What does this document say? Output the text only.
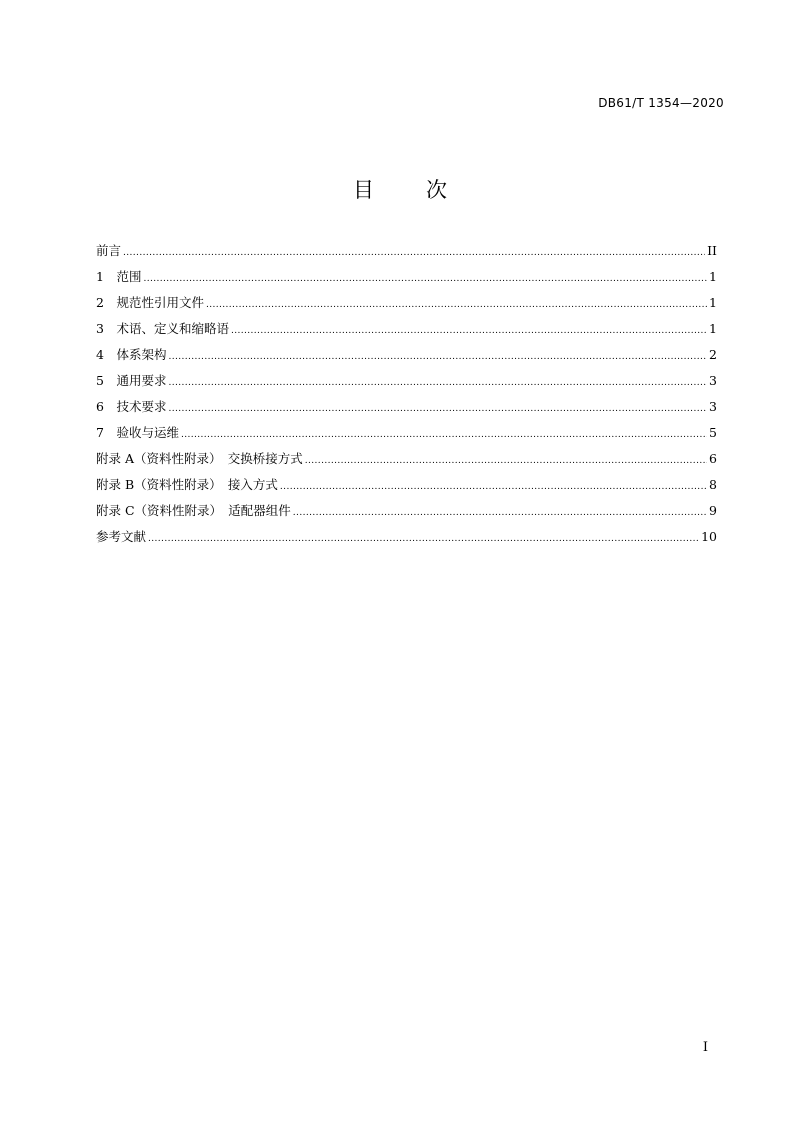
DB61/T 1354—2020
目 次
前言 .....	II
1　范围 .....	1
2　规范性引用文件 .....	1
3　术语、定义和缩略语 .....	1
4　体系架构 .....	2
5　通用要求 .....	3
6　技术要求 .....	3
7　验收与运维 .....	5
附录 A（资料性附录）　交换桥接方式 .....	6
附录 B（资料性附录）　接入方式 .....	8
附录 C（资料性附录）　适配器组件 .....	9
参考文献 .....	10
I
